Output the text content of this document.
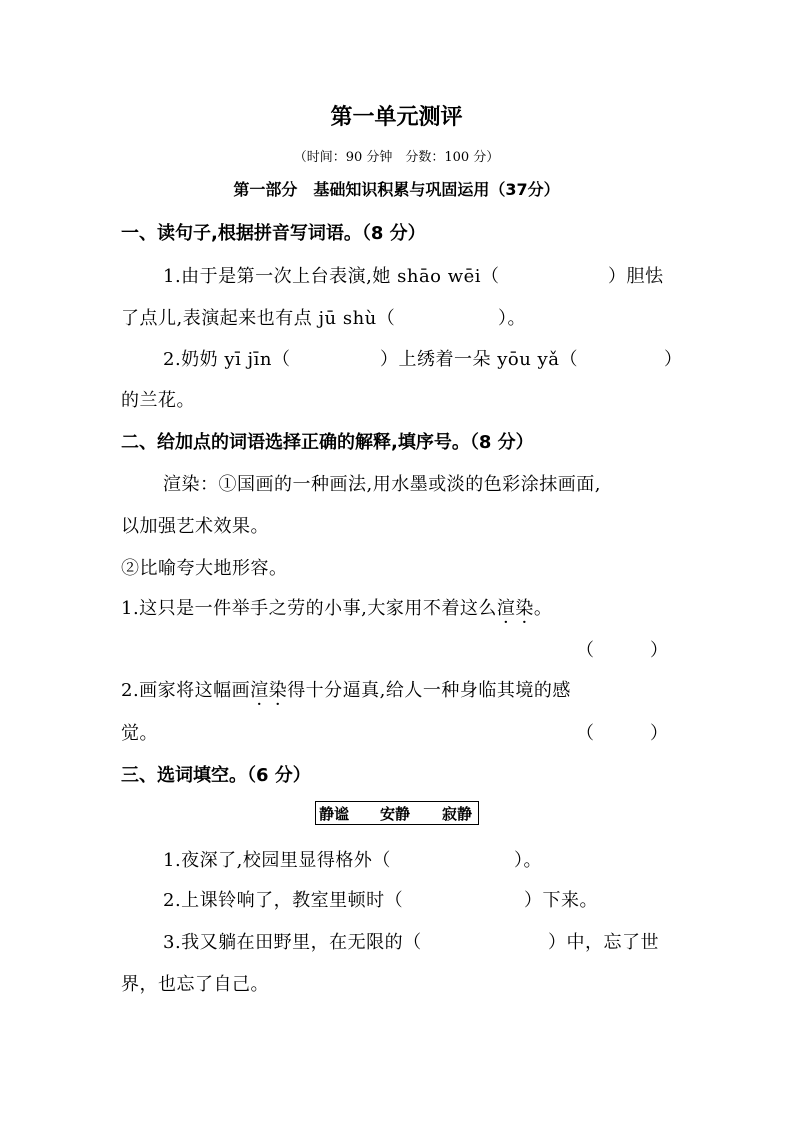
第一单元测评
（时间：90 分钟　分数：100 分）
第一部分　基础知识积累与巩固运用（37分）
一、读句子,根据拼音写词语。（8 分）
1.由于是第一次上台表演,她 shāo wēi（	）胆怯
了点儿,表演起来也有点 jū shù（	）。
2.奶奶 yī jīn（	）上绣着一朵 yōu yǎ（	）
的兰花。
二、给加点的词语选择正确的解释,填序号。（8 分）
渲染：①国画的一种画法,用水墨或淡的色彩涂抹画面,
以加强艺术效果。
②比喻夸大地形容。
1.这只是一件举手之劳的小事,大家用不着这么渲染。
（	）
2.画家将这幅画渲染得十分逼真,给人一种身临其境的感
觉。	（	）
三、选词填空。（6 分）
静谧 安静 寂静
1.夜深了,校园里显得格外（	）。
2.上课铃响了，教室里顿时（	）下来。
3.我又躺在田野里，在无限的（	）中，忘了世
界，也忘了自己。
